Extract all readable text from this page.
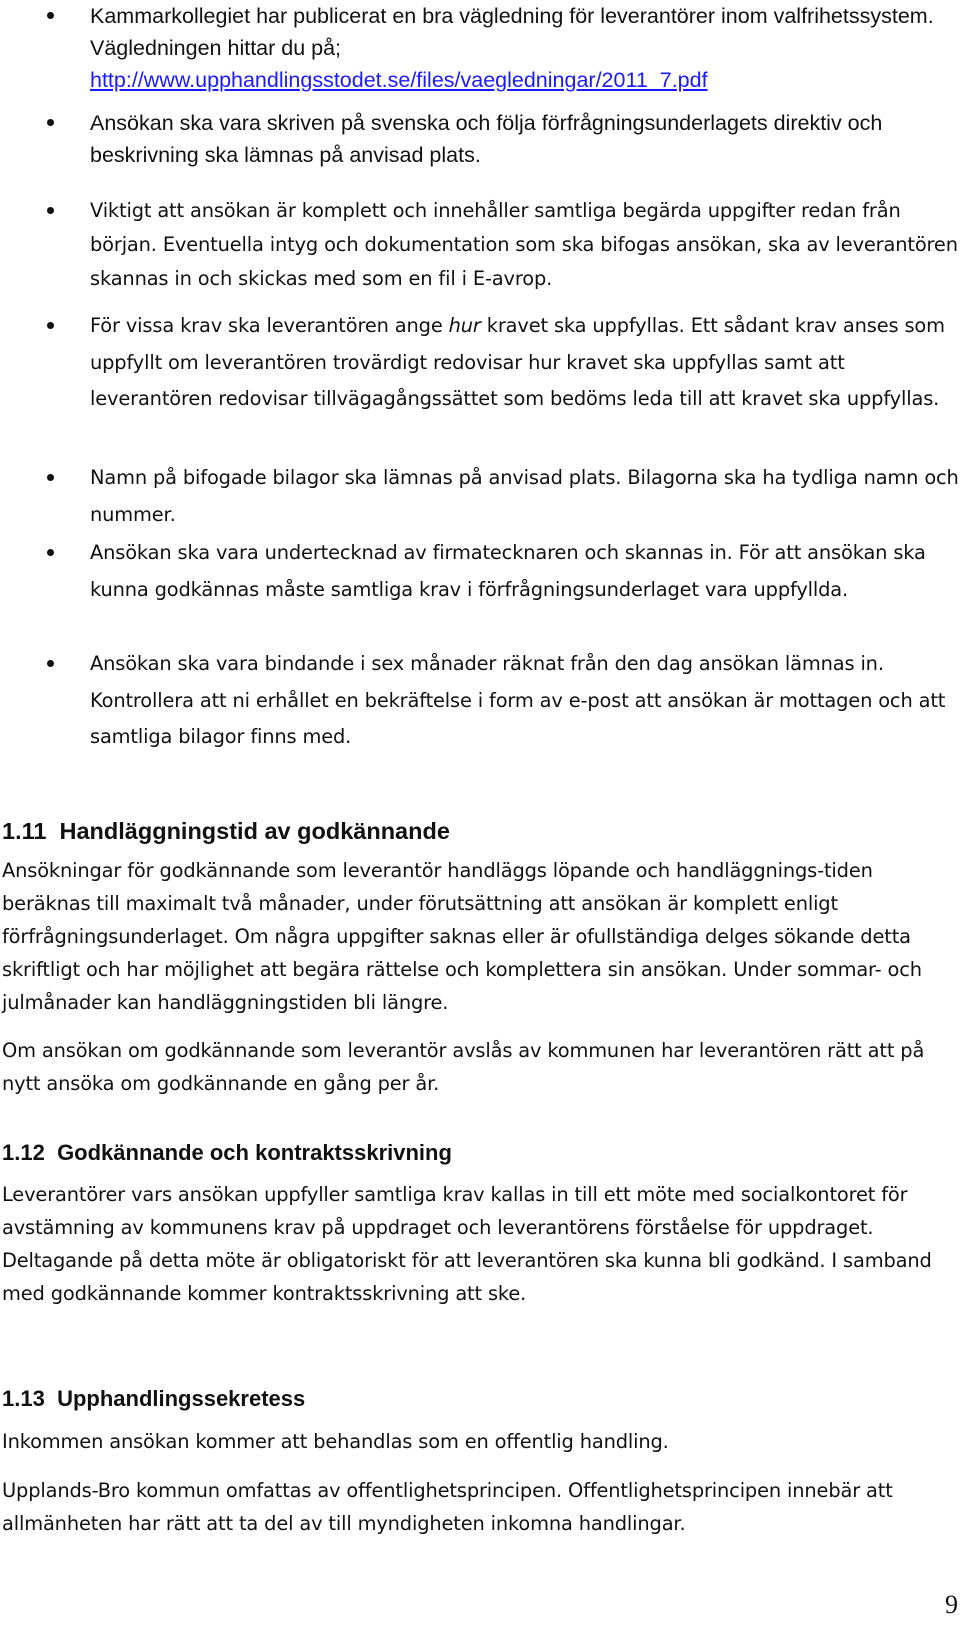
Kammarkollegiet har publicerat en bra vägledning för leverantörer inom valfrihetssystem. Vägledningen hittar du på;
http://www.upphandlingsstodet.se/files/vaegledningar/2011_7.pdf
Ansökan ska vara skriven på svenska och följa förfrågningsunderlagets direktiv och beskrivning ska lämnas på anvisad plats.
Viktigt att ansökan är komplett och innehåller samtliga begärda uppgifter redan från början. Eventuella intyg och dokumentation som ska bifogas ansökan, ska av leverantören skannas in och skickas med som en fil i E-avrop.
För vissa krav ska leverantören ange hur kravet ska uppfyllas. Ett sådant krav anses som uppfyllt om leverantören trovärdigt redovisar hur kravet ska uppfyllas samt att leverantören redovisar tillvägagångssättet som bedöms leda till att kravet ska uppfyllas.
Namn på bifogade bilagor ska lämnas på anvisad plats. Bilagorna ska ha tydliga namn och nummer.
Ansökan ska vara undertecknad av firmatecknaren och skannas in. För att ansökan ska kunna godkännas måste samtliga krav i förfrågningsunderlaget vara uppfyllda.
Ansökan ska vara bindande i sex månader räknat från den dag ansökan lämnas in. Kontrollera att ni erhållet en bekräftelse i form av e-post att ansökan är mottagen och att samtliga bilagor finns med.
1.11 Handläggningstid av godkännande

Ansökningar för godkännande som leverantör handläggs löpande och handläggnings-tiden beräknas till maximalt två månader, under förutsättning att ansökan är komplett enligt förfrågningsunderlaget. Om några uppgifter saknas eller är ofullständiga delges sökande detta skriftligt och har möjlighet att begära rättelse och komplettera sin ansökan. Under sommar- och julmånader kan handläggningstiden bli längre.

Om ansökan om godkännande som leverantör avslås av kommunen har leverantören rätt att på nytt ansöka om godkännande en gång per år.

1.12 Godkännande och kontraktsskrivning

Leverantörer vars ansökan uppfyller samtliga krav kallas in till ett möte med socialkontoret för avstämning av kommunens krav på uppdraget och leverantörens förståelse för uppdraget. Deltagande på detta möte är obligatoriskt för att leverantören ska kunna bli godkänd. I samband med godkännande kommer kontraktsskrivning att ske.

1.13 Upphandlingssekretess

Inkommen ansökan kommer att behandlas som en offentlig handling.

Upplands-Bro kommun omfattas av offentlighetsprincipen. Offentlighetsprincipen innebär att allmänheten har rätt att ta del av till myndigheten inkomna handlingar.

9
